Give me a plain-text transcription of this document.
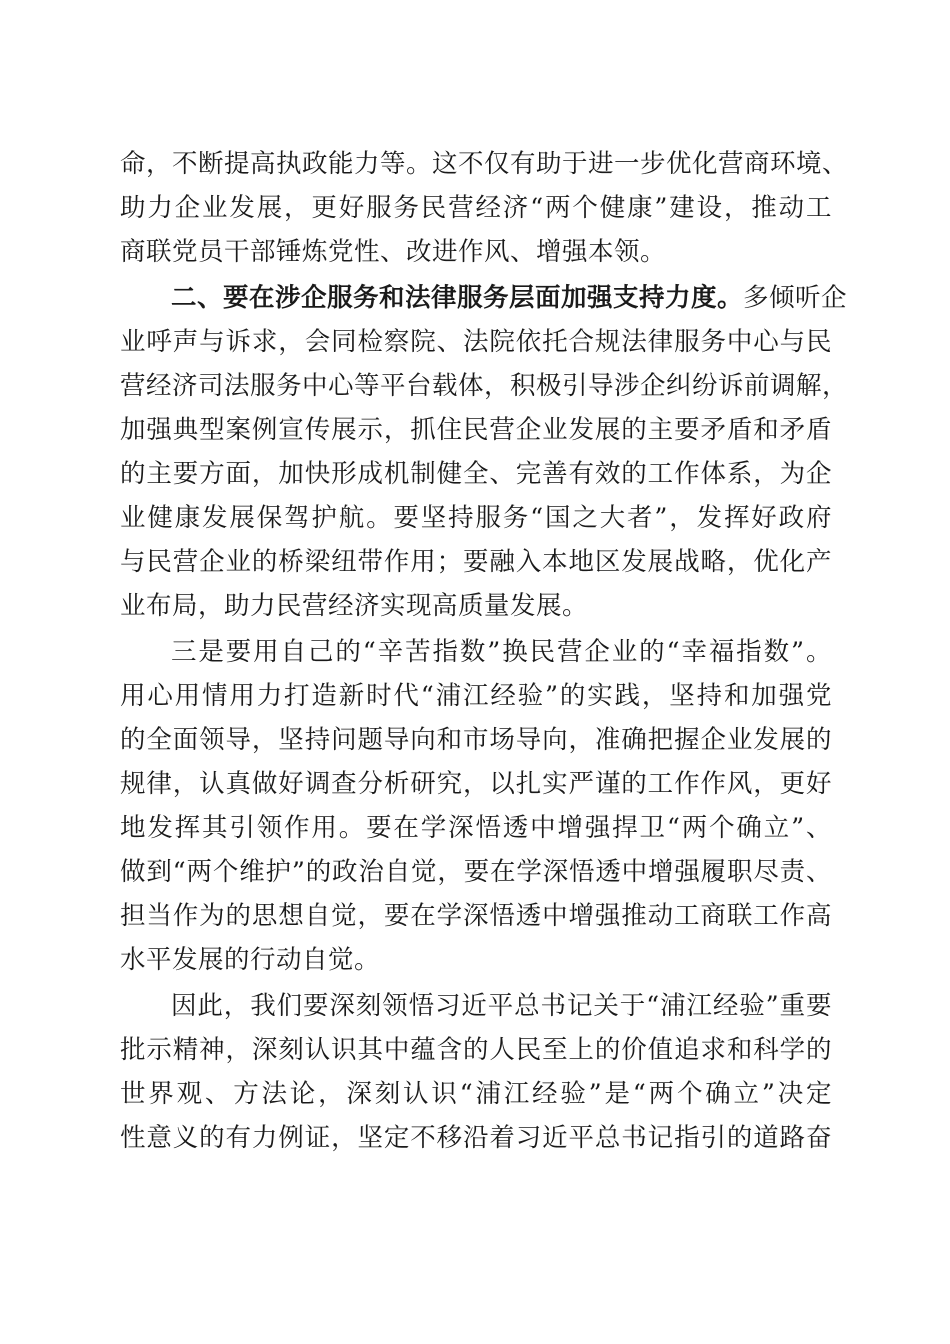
命，不断提高执政能力等。这不仅有助于进一步优化营商环境、
助力企业发展，更好服务民营经济“两个健康”建设，推动工
商联党员干部锤炼党性、改进作风、增强本领。
二、要在涉企服务和法律服务层面加强支持力度。多倾听企
业呼声与诉求，会同检察院、法院依托合规法律服务中心与民
营经济司法服务中心等平台载体，积极引导涉企纠纷诉前调解，
加强典型案例宣传展示，抓住民营企业发展的主要矛盾和矛盾
的主要方面，加快形成机制健全、完善有效的工作体系，为企
业健康发展保驾护航。要坚持服务“国之大者”，发挥好政府
与民营企业的桥梁纽带作用；要融入本地区发展战略，优化产
业布局，助力民营经济实现高质量发展。
三是要用自己的“辛苦指数”换民营企业的“幸福指数”。
用心用情用力打造新时代“浦江经验”的实践，坚持和加强党
的全面领导，坚持问题导向和市场导向，准确把握企业发展的
规律，认真做好调查分析研究，以扎实严谨的工作作风，更好
地发挥其引领作用。要在学深悟透中增强捍卫“两个确立”、
做到“两个维护”的政治自觉，要在学深悟透中增强履职尽责、
担当作为的思想自觉，要在学深悟透中增强推动工商联工作高
水平发展的行动自觉。
因此，我们要深刻领悟习近平总书记关于“浦江经验”重要
批示精神，深刻认识其中蕴含的人民至上的价值追求和科学的
世界观、方法论，深刻认识“浦江经验”是“两个确立”决定
性意义的有力例证，坚定不移沿着习近平总书记指引的道路奋
